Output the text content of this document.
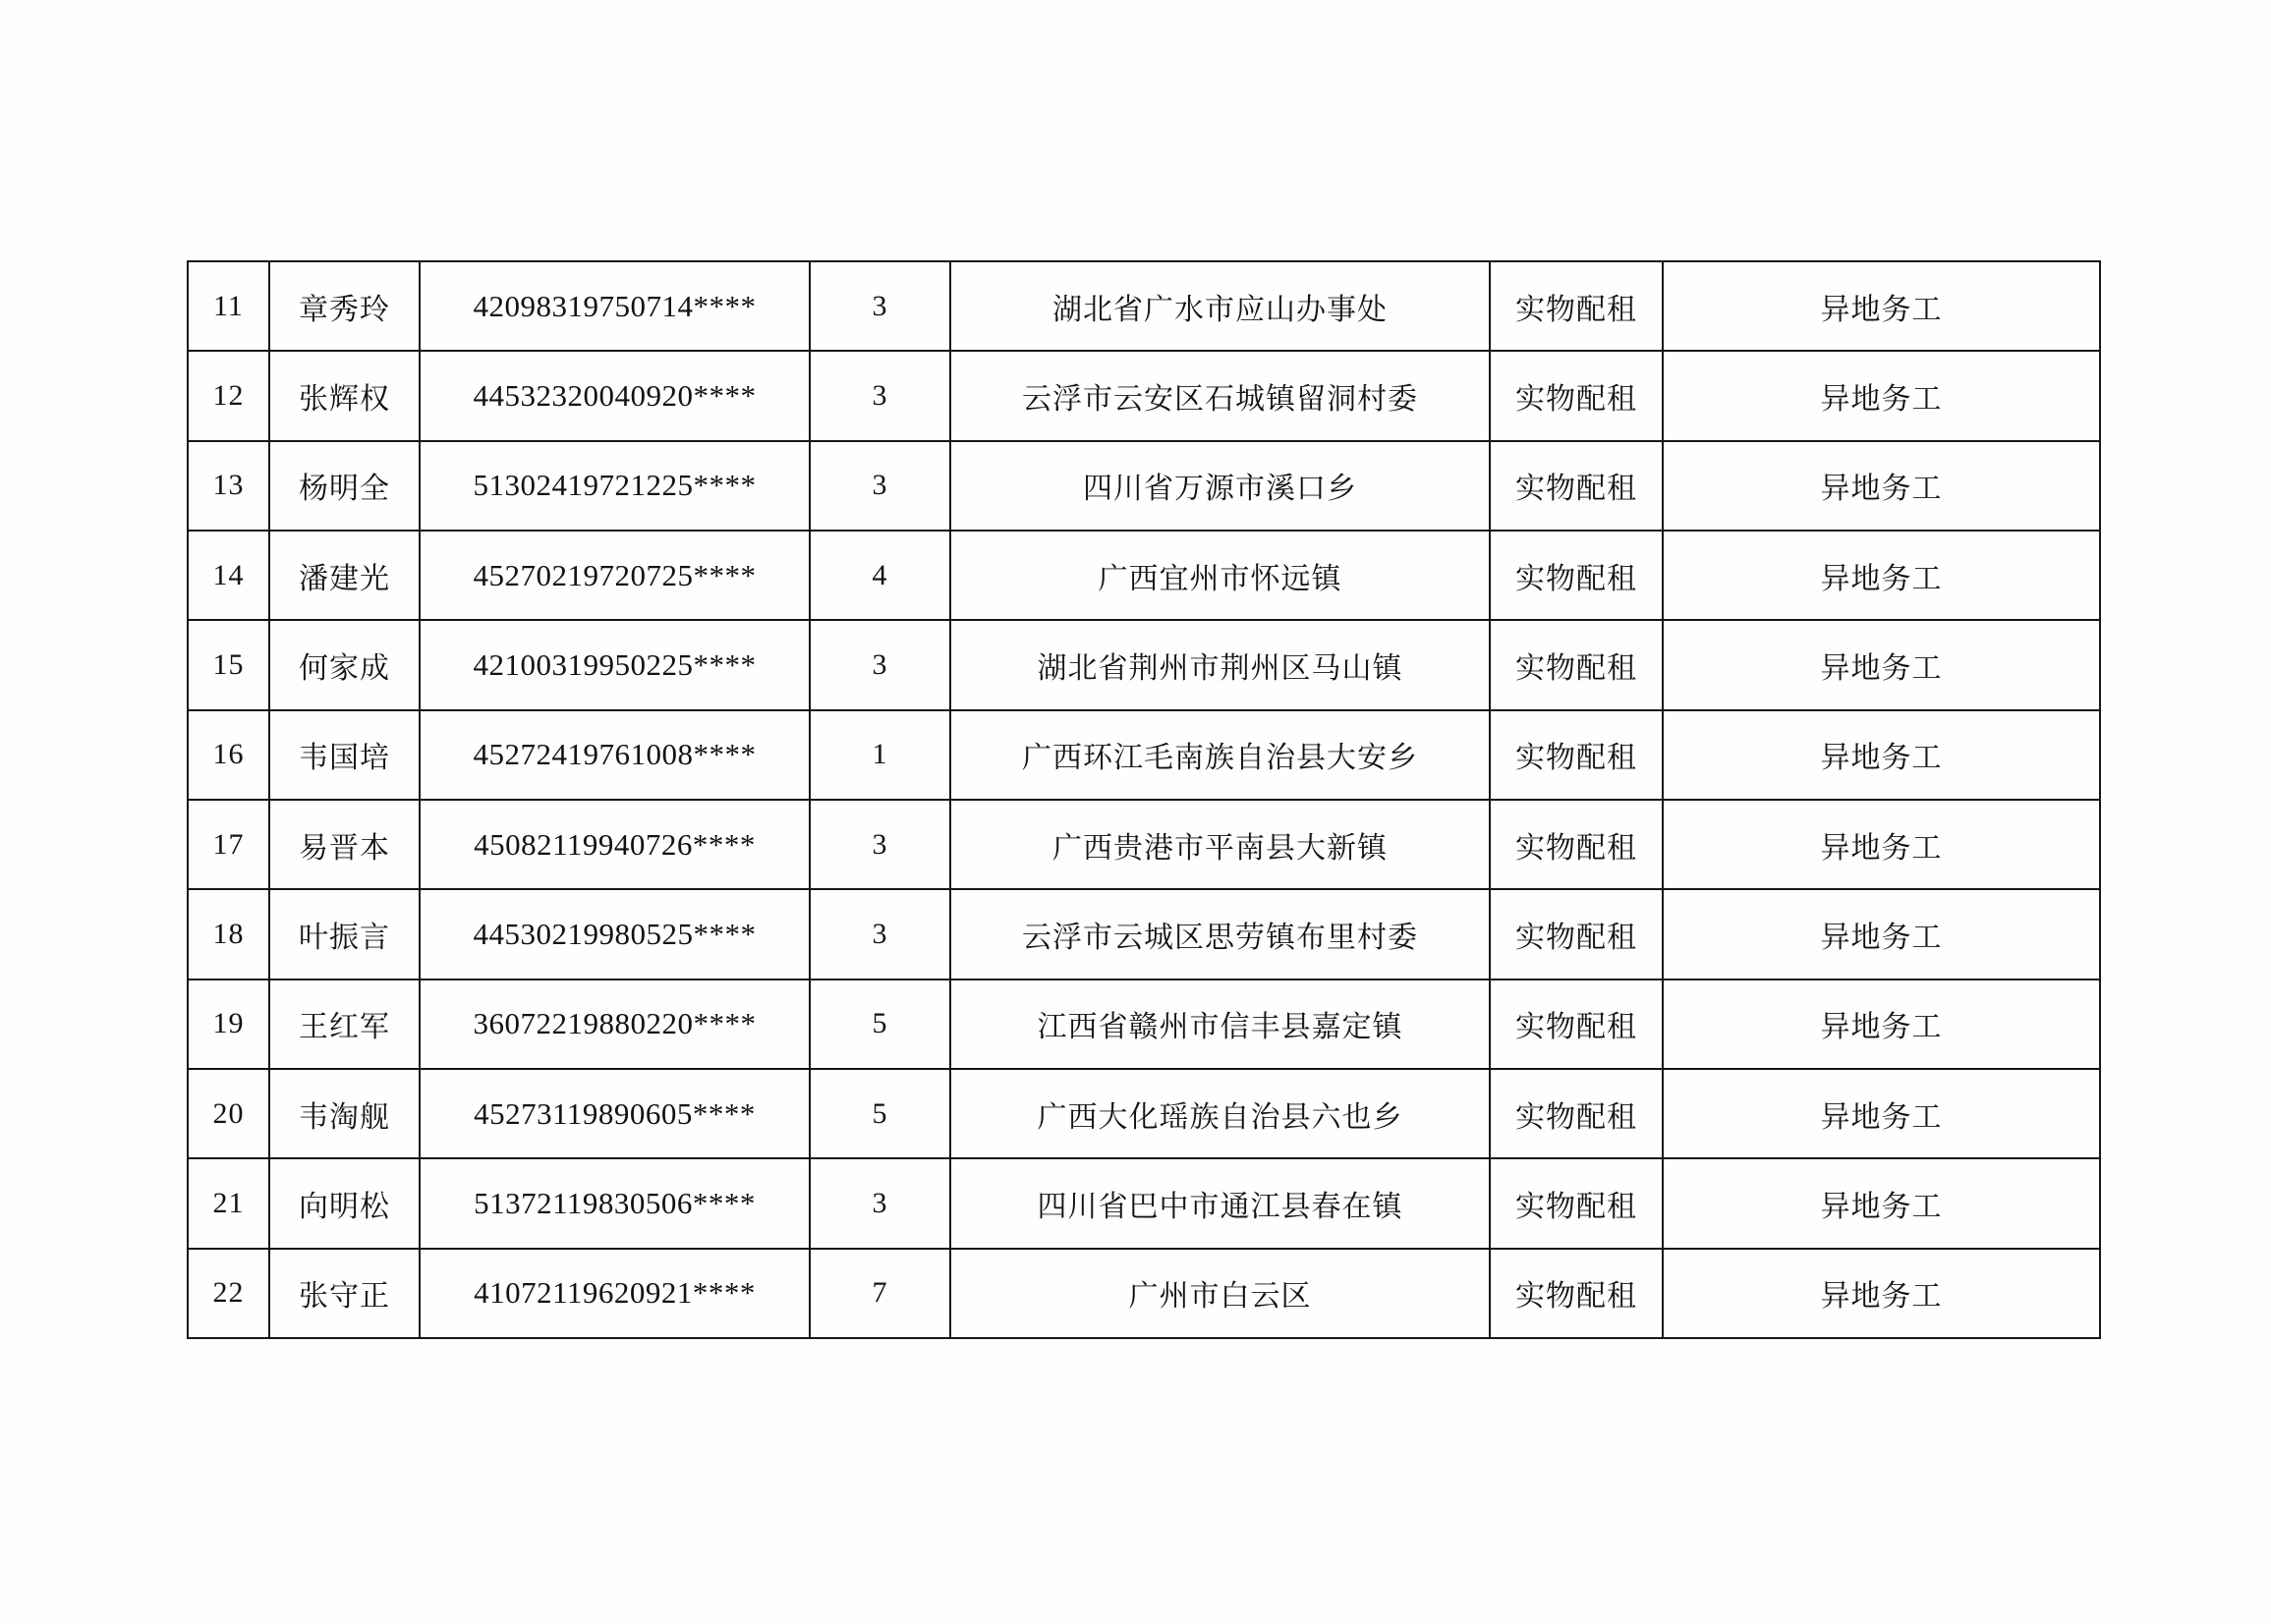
11	章秀玲	42098319750714****	3	湖北省广水市应山办事处	实物配租	异地务工
12	张辉权	44532320040920****	3	云浮市云安区石城镇留洞村委	实物配租	异地务工
13	杨明全	51302419721225****	3	四川省万源市溪口乡	实物配租	异地务工
14	潘建光	45270219720725****	4	广西宜州市怀远镇	实物配租	异地务工
15	何家成	42100319950225****	3	湖北省荆州市荆州区马山镇	实物配租	异地务工
16	韦国培	45272419761008****	1	广西环江毛南族自治县大安乡	实物配租	异地务工
17	易晋本	45082119940726****	3	广西贵港市平南县大新镇	实物配租	异地务工
18	叶振言	44530219980525****	3	云浮市云城区思劳镇布里村委	实物配租	异地务工
19	王红军	36072219880220****	5	江西省赣州市信丰县嘉定镇	实物配租	异地务工
20	韦淘舰	45273119890605****	5	广西大化瑶族自治县六也乡	实物配租	异地务工
21	向明松	51372119830506****	3	四川省巴中市通江县春在镇	实物配租	异地务工
22	张守正	41072119620921****	7	广州市白云区	实物配租	异地务工
